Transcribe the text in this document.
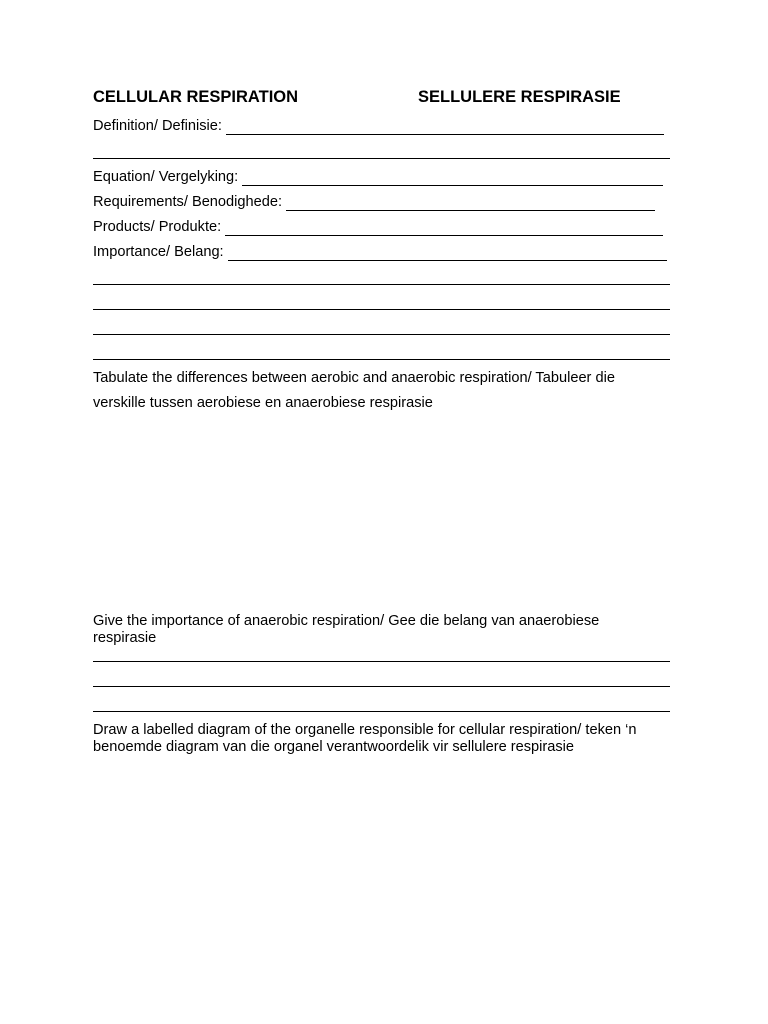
CELLULAR RESPIRATION	SELLULERE RESPIRASIE
Definition/ Definisie:
Equation/ Vergelyking:
Requirements/ Benodighede:
Products/ Produkte:
Importance/ Belang:
Tabulate the differences between aerobic and anaerobic respiration/ Tabuleer die
verskille tussen aerobiese en anaerobiese respirasie
Give the importance of anaerobic respiration/ Gee die belang van anaerobiese
respirasie
Draw a labelled diagram of the organelle responsible for cellular respiration/ teken ‘n
benoemde diagram van die organel verantwoordelik vir sellulere respirasie
